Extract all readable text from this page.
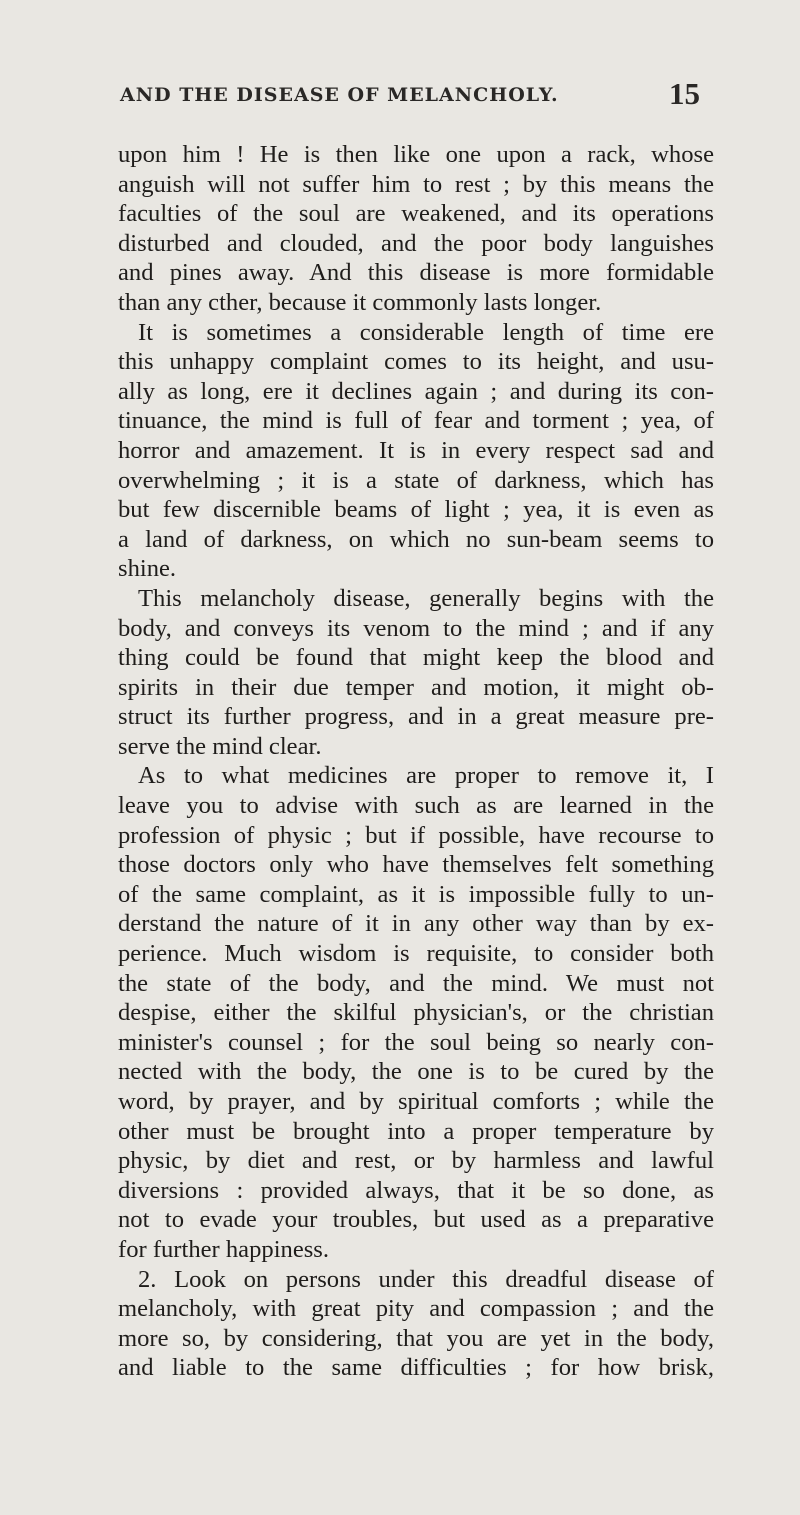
AND THE DISEASE OF MELANCHOLY.	15
upon him ! He is then like one upon a rack, whose
anguish will not suffer him to rest ; by this means the
faculties of the soul are weakened, and its operations
disturbed and clouded, and the poor body languishes
and pines away. And this disease is more formidable
than any cther, because it commonly lasts longer.
It is sometimes a considerable length of time ere
this unhappy complaint comes to its height, and usu-
ally as long, ere it declines again ; and during its con-
tinuance, the mind is full of fear and torment ; yea, of
horror and amazement. It is in every respect sad and
overwhelming ; it is a state of darkness, which has
but few discernible beams of light ; yea, it is even as
a land of darkness, on which no sun-beam seems to
shine.
This melancholy disease, generally begins with the
body, and conveys its venom to the mind ; and if any
thing could be found that might keep the blood and
spirits in their due temper and motion, it might ob-
struct its further progress, and in a great measure pre-
serve the mind clear.
As to what medicines are proper to remove it, I
leave you to advise with such as are learned in the
profession of physic ; but if possible, have recourse to
those doctors only who have themselves felt something
of the same complaint, as it is impossible fully to un-
derstand the nature of it in any other way than by ex-
perience. Much wisdom is requisite, to consider both
the state of the body, and the mind. We must not
despise, either the skilful physician's, or the christian
minister's counsel ; for the soul being so nearly con-
nected with the body, the one is to be cured by the
word, by prayer, and by spiritual comforts ; while the
other must be brought into a proper temperature by
physic, by diet and rest, or by harmless and lawful
diversions : provided always, that it be so done, as
not to evade your troubles, but used as a preparative
for further happiness.
2. Look on persons under this dreadful disease of
melancholy, with great pity and compassion ; and the
more so, by considering, that you are yet in the body,
and liable to the same difficulties ; for how brisk,
